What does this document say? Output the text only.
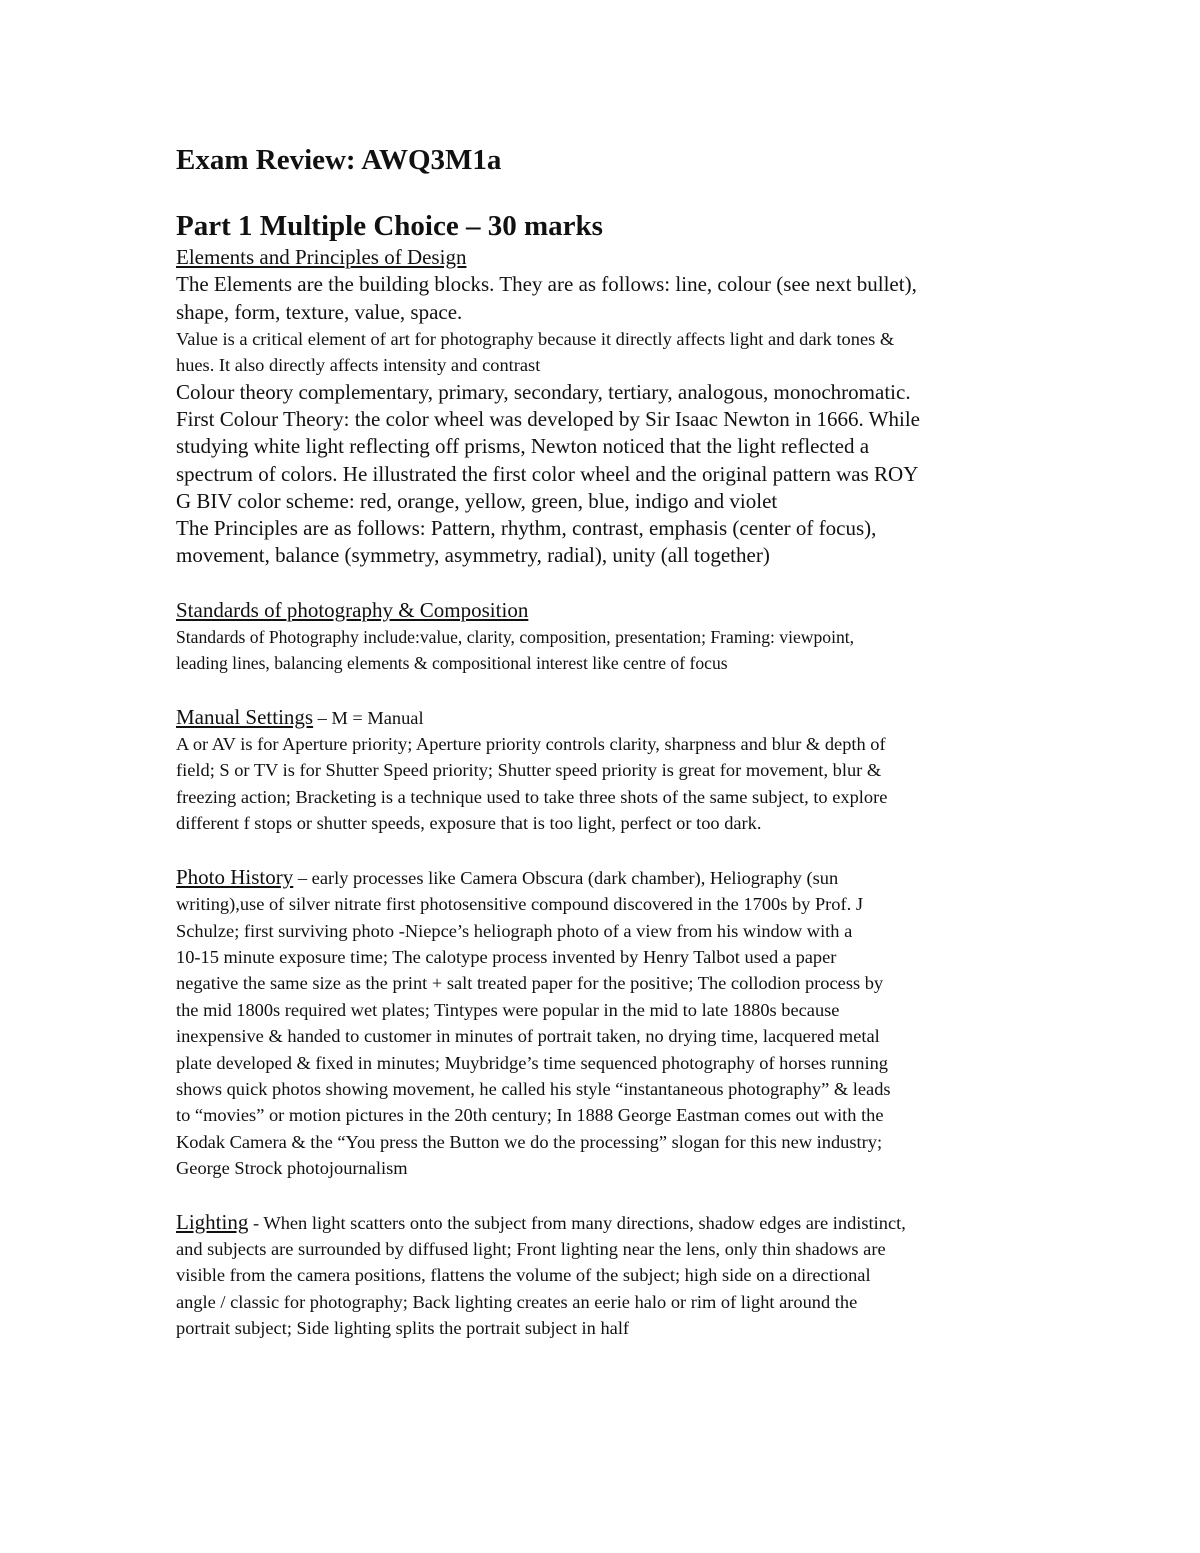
Exam Review: AWQ3M1a
Part 1 Multiple Choice – 30 marks
Elements and Principles of Design
The Elements are the building blocks. They are as follows: line, colour (see next bullet),
shape, form, texture, value, space.
Value is a critical element of art for photography because it directly affects light and dark tones &
hues. It also directly affects intensity and contrast
Colour theory complementary, primary, secondary, tertiary, analogous, monochromatic.
First Colour Theory: the color wheel was developed by Sir Isaac Newton in 1666. While
studying white light reflecting off prisms, Newton noticed that the light reflected a
spectrum of colors. He illustrated the first color wheel and the original pattern was ROY
G BIV color scheme: red, orange, yellow, green, blue, indigo and violet
The Principles are as follows: Pattern, rhythm, contrast, emphasis (center of focus),
movement, balance (symmetry, asymmetry, radial), unity (all together)
Standards of photography & Composition
Standards of Photography include:value, clarity, composition, presentation; Framing: viewpoint,
leading lines, balancing elements & compositional interest like centre of focus
Manual Settings – M = Manual
A or AV is for Aperture priority; Aperture priority controls clarity, sharpness and blur & depth of
field; S or TV is for Shutter Speed priority; Shutter speed priority is great for movement, blur &
freezing action; Bracketing is a technique used to take three shots of the same subject, to explore
different f stops or shutter speeds, exposure that is too light, perfect or too dark.
Photo History – early processes like Camera Obscura (dark chamber), Heliography (sun
writing),use of silver nitrate first photosensitive compound discovered in the 1700s by Prof. J
Schulze; first surviving photo -Niepce’s heliograph photo of a view from his window with a
10-15 minute exposure time; The calotype process invented by Henry Talbot used a paper
negative the same size as the print + salt treated paper for the positive; The collodion process by
the mid 1800s required wet plates; Tintypes were popular in the mid to late 1880s because
inexpensive & handed to customer in minutes of portrait taken, no drying time, lacquered metal
plate developed & fixed in minutes; Muybridge’s time sequenced photography of horses running
shows quick photos showing movement, he called his style “instantaneous photography” & leads
to “movies” or motion pictures in the 20th century; In 1888 George Eastman comes out with the
Kodak Camera & the “You press the Button we do the processing” slogan for this new industry;
George Strock photojournalism
Lighting - When light scatters onto the subject from many directions, shadow edges are indistinct,
and subjects are surrounded by diffused light; Front lighting near the lens, only thin shadows are
visible from the camera positions, flattens the volume of the subject; high side on a directional
angle / classic for photography; Back lighting creates an eerie halo or rim of light around the
portrait subject; Side lighting splits the portrait subject in half
